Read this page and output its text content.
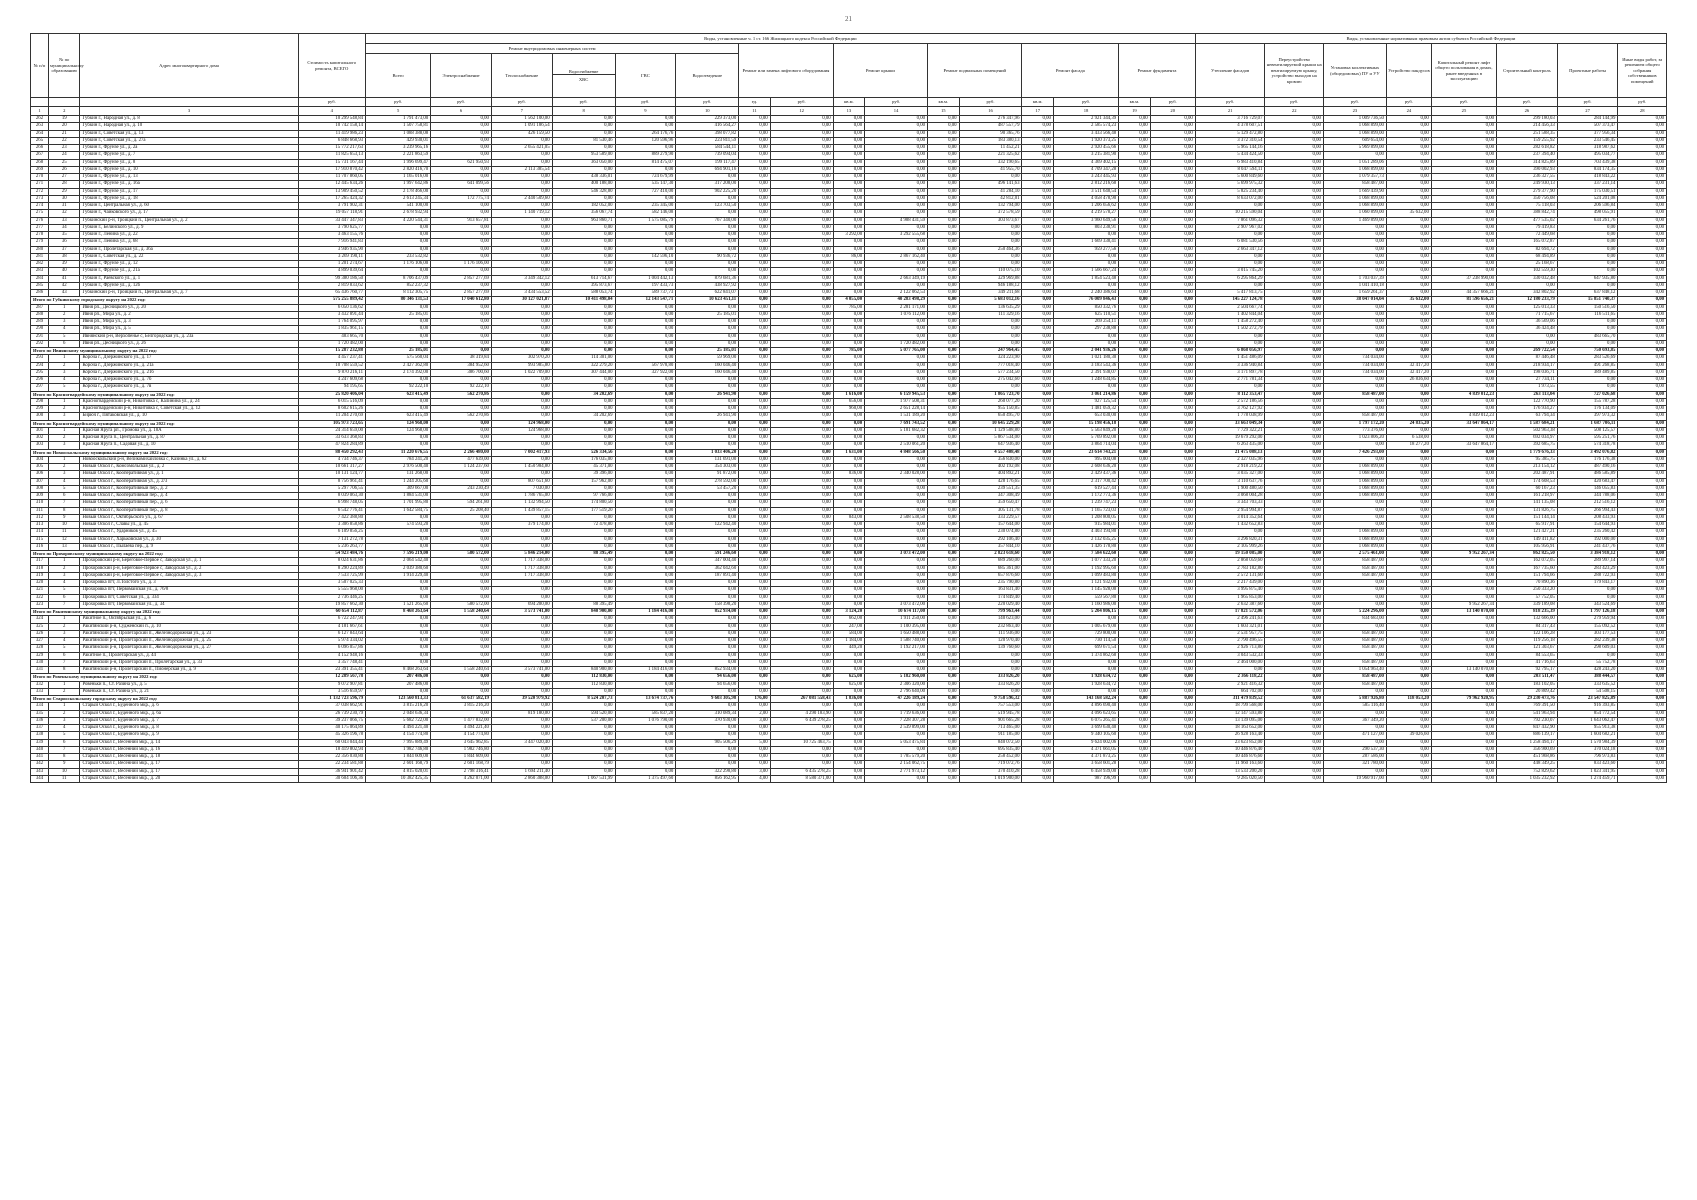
21
№ п/п	№ по муниципальному образованию	Адрес многоквартирного дома	Стоимость капитального ремонта, ВСЕГО	Виды, установленные ч. 1 ст. 166 Жилищного кодекса Российской Федерации																Виды, установленные нормативным правовым актом субъекта Российской Федерации							
				Ремонт внутридомовых инженерных систем						Ремонт или замена лифтового оборудования		Ремонт крыши		Ремонт подвальных помещений		Ремонт фасада		Ремонт фундамента		Утепление фасадов	Переустройство невентилируемой крыши на вентилируемую крышу, устройство выходов на кровлю	Установка коллективных (общедомовых) ПУ и УУ	Устройство пандусов	Капитальный ремонт лифт общего пользования в домах, ранее введенных в эксплуатацию	Строительный контроль	Проектные работы	Иные виды работ, за решением общего собрания собственников помещений
				Всего	Электроснабжение	Теплоснабжение	Водоснабжение
ХВС	ГВС	Водоотведение																		
			руб.	руб.	руб.	руб.	руб.	руб.	руб.	ед.	руб.	кв.м.	руб.	кв.м.	руб.	кв.м.	руб.	кв.м.	руб.	руб.	руб.	руб.	руб.	руб.	руб.	руб.	руб.
1	2	3	4	5	6	7	8	9	10	11	12	13	14	15	16	17	18	19	20	21	22	23	24	25	26	27	28
262	19	Губкин г., Народная ул., д. 8	10 299 548,84	1 791 473,00	0,00	1 562 100,00	0,00	0,00	229 373,00	0,00	0,00	0,00	0,00	0,00	276 347,96	0,00	2 921 344,39	0,00	0,00	3 716 729,07	0,00	1 009 736,50	0,00	0,00	299 180,03	284 144,99	0,00
263	20	Губкин г., Народная ул., д. 10	10 742 158,14	1 507 758,81	0,00	1 091 186,54	0,00	0,00	416 564,27	0,00	0,00	0,00	0,00	0,00	487 557,79	0,00	2 585 574,23	0,00	0,00	4 378 607,51	0,00	1 068 899,00	0,00	0,00	214 456,33	507 373,47	0,00
264	21	Губкин г., Советская ул., д. 13	11 419 986,23	1 088 388,08	0,00	426 159,50	0,00	264 176,76	398 077,82	0,00	0,00	0,00	0,00	0,00	90 365,76	0,00	3 433 566,48	0,00	0,00	5 129 472,80	0,00	1 068 899,00	0,00	0,00	251 588,35	377 956,34	0,00
265	22	Губкин г., Советская ул., д. 27а	6 848 668,93	429 930,01	0,00	0,00	81 530,46	120 596,96	223 811,59	0,00	0,00	0,00	0,00	0,00	183 380,13	0,00	1 920 373,25	0,00	0,00	3 372 310,54	0,00	609 654,00	0,00	0,00	159 255,92	233 546,45	0,00
266	23	Губкин г., Фрунзе ул., д. 2а	15 772 217,63	3 239 965,16	0,00	2 655 421,05	0,00	0,00	584 544,11	0,00	0,00	0,00	0,00	0,00	11 452,21	0,00	2 920 455,66	0,00	0,00	5 965 144,16	0,00	5 969 899,00	0,00	0,00	282 618,82	318 987,62	0,00
267	24	Губкин г., Фрунзе ул., д. 7	11 825 653,13	2 221 863,59	0,00	0,00	953 589,00	889 279,90	739 094,04	0,00	0,00	0,00	0,00	0,00	221 325,62	0,00	3 215 381,90	0,00	0,00	5 434 424,50	0,00	0,00	0,00	0,00	237 394,40	495 034,77	0,00
268	25	Губкин г., Фрунзе ул., д. 8	15 731 167,44	1 996 699,47	621 950,93	0,00	363 050,00	814 475,07	199 117,47	0,00	0,00	0,00	0,00	0,00	332 190,65	0,00	4 369 402,15	0,00	0,00	6 983 410,84	0,00	1 051 289,06	0,00	0,00	314 825,89	703 439,38	0,00
269	26	Губкин г., Фрунзе ул., д. 10	17 910 870,42	2 820 416,70	0,00	2 113 385,54	0,00	0,00	694 901,16	0,00	0,00	0,00	0,00	0,00	41 955,70	0,00	4 709 347,28	0,00	0,00	8 047 594,11	0,00	1 068 899,00	0,00	0,00	390 002,93	834 174,35	0,00
270	27	Губкин г., Фрунзе ул., д. 13	11 707 860,05	1 165 016,00	0,00	0,00	438 336,01	724 679,99	0,00	0,00	0,00	0,00	0,00	0,00	0,00	0,00	3 243 445,93	0,00	0,00	5 600 849,60	0,00	1 079 357,73	0,00	0,00	236 327,55	418 843,22	0,00
271	28	Губкин г., Фрунзе ул., д. 16а	12 445 634,26	1 997 642,86	641 099,56	0,00	400 188,00	535 147,30	317 208,00	0,00	0,00	0,00	0,00	0,00	496 141,63	0,00	2 812 216,68	0,00	0,00	5 699 975,32	0,00	858 487,00	0,00	0,00	249 930,13	337 231,14	0,00
272	29	Губкин г., Фрунзе ул., д. 17	13 909 450,52	2 178 466,00	0,00	0,00	546 328,80	727 410,00	902 225,20	0,00	0,00	0,00	0,00	0,00	41 284,10	0,00	3 511 648,54	0,00	0,00	5 825 234,40	0,00	1 669 439,90	0,00	0,00	279 377,90	175 030,51	0,00
273	30	Губкин г., Фрунзе ул., д. 18	17 265 424,32	2 613 245,34	172 775,74	2 440 509,60	0,00	0,00	0,00	0,00	0,00	0,00	0,00	0,00	42 812,01	0,00	4 058 478,90	0,00	0,00	8 633 072,00	0,00	1 068 899,00	0,00	0,00	350 756,08	524 201,08	0,00
274	31	Губкин г., Центральная ул., д. 60	3 791 902,31	541 100,00	0,00	0,00	182 052,00	235 345,00	123 703,50	0,00	0,00	0,00	0,00	0,00	132 794,00	0,00	1 206 656,62	0,00	0,00	0,00	0,00	1 068 899,00	0,00	0,00	75 118,03	206 596,84	0,00
275	32	Губкин г., Чайковского ул., д. 17	19 057 118,91	2 678 932,94	0,00	1 140 719,12	356 067,74	582 146,08	0,00	0,00	0,00	0,00	0,00	0,00	372 578,59	0,00	4 219 578,27	0,00	0,00	10 215 590,04	0,00	1 060 899,00	35 632,00	0,00	388 842,74	498 055,91	0,00
276	33	Губкинский р-н, Троицкий п., Центральная ул., д. 2	33 447 347,83	4 220 544,31	913 657,81	0,00	963 860,71	1 575 085,79	767 340,00	0,00	0,00	0,00	4 988 431,59	0,00	303 873,67	0,00	3 960 649,56	0,00	0,00	7 861 096,32	0,00	1 469 899,00	0,00	0,00	477 535,02	634 261,76	0,00
277	34	Губкин г., Белинского ул., д. 9	3 790 625,77	0,00	0,00	0,00	0,00	0,00	0,00	0,00	0,00	0,00	0,00	0,00	0,00	0,00	803 238,91	0,00	0,00	2 907 967,02	0,00	0,00	0,00	0,00	79 419,83	0,00	0,00
278	35	Губкин г., Ленина ул., д. 22	3 463 155,76	0,00	0,00	0,00	0,00	0,00	0,00	0,00	0,00	3 292,00	3 292 555,68	0,00	0,00	0,00	0,00	0,00	0,00	0,00	0,00	0,00	0,00	0,00	72 449,68	0,00	0,00
279	36	Губкин г., Ленина ул., д. 68	7 916 941,83	0,00	0,00	0,00	0,00	0,00	0,00	0,00	0,00	0,00	0,00	0,00	0,00	0,00	1 669 338,41	0,00	0,00	6 081 530,56	0,00	0,00	0,00	0,00	165 072,87	0,00	0,00
280	37	Губкин г., Пролетарская ул., д. 36а	3 946 935,90	0,00	0,00	0,00	0,00	0,00	0,00	0,00	0,00	0,00	0,00	0,00	250 464,36	0,00	959 277,56	0,00	0,00	2 663 347,12	0,00	0,00	0,00	0,00	82 694,72	0,00	0,00
281	38	Губкин г., Советская ул., д. 22	3 269 190,11	233 532,82	0,00	0,00	0,00	142 596,10	90 936,72	0,00	0,00	86,00	2 867 162,40	0,00	0,00	0,00	0,00	0,00	0,00	0,00	0,00	0,00	0,00	0,00	68 494,89	0,00	0,00
282	39	Губкин г., Фрунзе ул., д. 12	1 201 274,67	1 176 106,00	1 176 106,00	0,00	0,00	0,00	0,00	0,00	0,00	0,00	0,00	0,00	0,00	0,00	0,00	0,00	0,00	0,00	0,00	0,00	0,00	0,00	25 168,67	0,00	0,00
283	40	Губкин г., Фрунзе ул., д. 21а	4 899 039,64	0,00	0,00	0,00	0,00	0,00	0,00	0,00	0,00	0,00	0,00	0,00	110 075,10	0,00	1 566 667,24	0,00	0,00	3 015 745,20	0,00	0,00	0,00	0,00	102 559,30	0,00	0,00
284	41	Губкин г., Раевского ул., д. 1	99 380 186,50	8 706 437,09	2 857 277,69	3 349 342,12	613 714,67	1 004 442,13	879 681,36	0,00	0,00	0,00	2 663 349,19	0,00	329 969,88	0,00	1 854 523,48	0,00	0,00	6 295 864,29	0,00	1 703 037,39	0,00	37 238 990,00	330 032,48	647 935,80	0,00
285	42	Губкин г., Фрунзе ул., д. 12б	2 819 833,62	852 237,32	0,00	0,00	395 873,67	197 433,73	438 927,92	0,00	0,00	0,00	0,00	0,00	946 188,12	0,00	0,00	0,00	0,00	0,00	0,00	1 041 410,18	0,00	0,00	0,00	0,00	0,00
286	43	Губкинский р-н, Троицкий п., Центральная ул., д. 7	65 436 760,77	8 112 305,75	2 857 277,69	3 434 553,52	588 053,74	589 737,73	622 841,07	0,00	0,00	0,00	2 122 062,53	0,00	349 211,68	0,00	2 240 386,64	0,00	0,00	5 417 813,75	0,00	1 659 261,37	0,00	44 357 666,21	342 802,92	637 848,12	0,00
Итого по Губкинскому городскому округу на 2022 год:			575 255 889,42	80 346 131,53	17 040 612,80	30 127 021,87	10 411 498,04	12 143 547,71	10 623 451,11	0,00	0,00	4 055,00	40 283 498,29	0,00	5 683 012,16	0,00	76 009 846,43	0,00	0,00	145 227 124,78	0,00	38 047 014,04	35 632,00	81 596 656,21	12 180 233,79	15 851 740,37	0,00
287	1	Ивня рп., Десницкого ул., д. 20	6 050 136,62	0,00	0,00	0,00	0,00	0,00	0,00	0,00	0,00	785,00	2 281 171,00	0,00	136 635,29	0,00	850 332,76	0,00	0,00	2 504 667,74	0,00	0,00	0,00	0,00	125 013,33	150 516,50	0,00
288	2	Ивня рп., Мира ул., д. 2	3 432 891,44	25 185,01	0,00	0,00	0,00	0,00	25 185,01	0,00	0,00	0,00	1 076 112,00	0,00	111 329,16	0,00	625 110,51	0,00	0,00	1 402 844,04	0,00	0,00	0,00	0,00	71 715,67	116 511,65	0,00
289	3	Ивня рп., Мира ул., д. 3	1 764 095,97	0,00	0,00	0,00	0,00	0,00	0,00	0,00	0,00	0,00	0,00	0,00	0,00	0,00	269 254,11	0,00	0,00	1 458 272,40	0,00	0,00	0,00	0,00	36 569,06	0,00	0,00
290	4	Ивня рп., Мира ул., д. 5	1 835 961,15	0,00	0,00	0,00	0,00	0,00	0,00	0,00	0,00	0,00	0,00	0,00	0,00	0,00	297 238,88	0,00	0,00	1 502 272,79	0,00	0,00	0,00	0,00	36 424,48	0,00	0,00
291	5	Ивнянский р-н, Верхопенье с, Белгородская ул., д. 23а	483 665,70	0,00	0,00	0,00	0,00	0,00	0,00	0,00	0,00	0,00	0,00	0,00	0,00	0,00	0,00	0,00	0,00	0,00	0,00	0,00	0,00	0,00	0,00	483 665,70	0,00
292	6	Ивня рп., Десницкого ул., д. 26	1 720 482,00	0,00	0,00	0,00	0,00	0,00	0,00	0,00	0,00	0,00	1 720 482,00	0,00	0,00	0,00	0,00	0,00	0,00	0,00	0,00	0,00	0,00	0,00	0,00	0,00	0,00
Итого по Ивнянскому муниципальному округу на 2022 год:			15 287 232,88	25 185,01	0,00	0,00	0,00	0,00	25 185,01	0,00	0,00	785,00	5 077 765,00	0,00	247 964,45	0,00	2 041 936,26	0,00	0,00	6 868 056,97	0,00	0,00	0,00	0,00	269 722,54	750 693,85	0,00
293	1	Короча г., Дзержинского ул., д. 17	4 457 237,41	575 560,04	38 319,84	302 970,20	114 301,00	0,00	59 969,00	0,00	0,00	0,00	0,00	0,00	324 223,90	0,00	1 021 180,30	0,00	0,00	1 451 486,09	0,00	734 034,00	0,00	0,00	87 446,48	283 526,69	0,00
294	2	Короча г., Дзержинского ул., д. 21а	10 708 559,52	2 427 362,80	384 952,60	993 985,80	322 279,20	567 978,80	160 046,40	0,00	0,00	0,00	0,00	0,00	777 018,40	0,00	3 183 543,36	0,00	0,00	3 336 940,84	0,00	734 034,00	32 417,20	0,00	218 934,17	491 268,85	0,00
295	3	Короча г., Дзержинского ул., д. 21б	9 870 216,11	2 174 392,00	386 700,60	1 022 709,00	307 444,00	327 922,00	160 046,40	0,00	0,00	0,00	0,00	0,00	577 234,50	0,00	2 391 938,07	0,00	0,00	3 171 897,78	0,00	734 034,00	32 417,20	0,00	198 036,71	389 489,85	0,00
296	4	Короча г., Дзержинского ул., д. 7б	4 247 609,68	0,00	0,00	0,00	0,00	0,00	0,00	0,00	0,00	0,00	0,00	0,00	275 042,60	0,00	1 248 634,85	0,00	0,00	2 771 781,34	0,00	0,00	26 836,60	0,00	27 734,11	0,00	0,00
297	5	Короча г., Дзержинского ул., д. 7в	94 195,65	92 222,10	92 222,10	0,00	0,00	0,00	0,00	0,00	0,00	0,00	0,00	0,00	0,00	0,00	0,00	0,00	0,00	0,00	0,00	0,00	0,00	0,00	1 973,55	0,00	0,00
Итого по Красногвардейскому муниципальному округу на 2022 год:			25 820 406,04	623 415,49	562 270,86	0,00	34 202,69	0,00	26 941,90	0,00	0,00	1 616,00	6 159 945,53	0,00	1 865 723,70	0,00	3 061 214,86	0,00	0,00	8 112 353,47	0,00	858 487,00	0,00	4 839 012,23	263 113,04	727 026,68	0,00
298	1	Красногвардейский р-н, Никитовка с, Калинина ул., д. 24	6 015 516,09	0,00	0,00	0,00	0,00	0,00	0,00	0,00	0,00	656,00	1 977 508,31	0,00	260 077,20	0,00	927 125,54	0,00	0,00	2 572 186,56	0,00	0,00	0,00	0,00	122 770,90	155 787,28	0,00
299	2	Красногвардейский р-н, Никитовка с, Советская ул., д. 12	8 602 615,26	0,00	0,00	0,00	0,00	0,00	0,00	0,00	0,00	960,00	2 651 228,14	0,00	955 150,85	0,00	1 481 059,32	0,00	0,00	3 762 127,92	0,00	0,00	0,00	0,00	176 934,27	176 134,09	0,00
300	3	Бирюч г., Пятаковская ул., д. 10	11 204 270,69	623 415,49	562 270,86	0,00	34 202,69	0,00	26 941,90	0,00	0,00	0,00	1 531 189,20	0,00	650 495,70	0,00	653 030,00	0,00	0,00	1 778 038,99	0,00	858 487,00	0,00	4 839 012,23	63 794,34	397 973,32	0,00
Итого по Красногвардейскому муниципальному округу на 2022 год:			105 973 723,65	124 968,00	0,00	124 968,00	0,00	0,00	0,00	0,00	0,00	0,00	7 691 743,52	0,00	10 645 229,28	0,00	15 198 456,18	0,00	0,00	33 663 049,34	0,00	1 797 172,20	24 835,20	33 647 864,17	1 587 684,21	1 687 706,11	0,00
301	1	Красная Яруга рп., Громова ул., д. 18А	24 314 659,00	124 968,00	0,00	124 968,00	0,00	0,00	0,00	0,00	0,00	0,00	5 181 682,32	0,00	1 129 508,80	0,00	5 563 849,20	0,00	0,00	7 729 322,21	0,00	773 376,00	0,00	0,00	502 963,38	508 125,57	0,00
302	2	Красная Яруга п., Центральная ул., д. 87	33 633 368,83	0,00	0,00	0,00	0,00	0,00	0,00	0,00	0,00	0,00	0,00	0,00	5 867 534,00	0,00	5 769 892,00	0,00	0,00	19 679 292,00	0,00	1 023 806,20	6 538,00	0,00	692 034,97	595 251,76	0,00
303	3	Красная Яруга п., Садовая ул., д. 10	47 824 284,89	0,00	0,00	0,00	0,00	0,00	0,00	0,00	0,00	0,00	2 510 061,20	0,00	647 936,40	0,00	3 864 714,04	0,00	0,00	6 263 435,00	0,00	0,00	18 277,20	33 647 864,17	392 685,75	574 318,78	0,00
Итого по Новооскольскому муниципальному округу на 2022 год:			88 450 292,43	11 220 676,55	2 266 480,00	7 002 417,93	526 334,56	0,00	1 033 406,20	0,00	0,00	1 631,00	4 848 566,50	0,00	4 557 408,48	0,00	23 614 743,21	0,00	0,00	21 475 088,13	0,00	7 426 293,00	0,00	0,00	1 779 676,33	3 492 076,82	0,00
304	1	Новооскольский р-н, Великомихайловка с, Казинка ул., д. 62	4 734 746,37	784 241,20	477 639,00	0,00	176 035,00	0,00	131 691,00	0,00	0,00	0,00	0,00	0,00	356 830,00	0,00	995 004,08	0,00	0,00	2 327 035,96	0,00	0,00	0,00	0,00	95 385,75	176 176,38	0,00
305	2	Новый Оскол г., Комсомольская ул., д. 2	10 661 317,27	2 976 500,40	1 124 237,60	1 450 984,80	45 371,00	0,00	354 303,00	0,00	0,00	0,00	0,00	0,00	402 192,08	0,00	2 608 636,20	0,00	0,00	2 918 219,22	0,00	1 068 899,00	0,00	0,00	213 154,12	487 490,16	0,00
306	3	Новый Оскол г., Кооперативная ул., д. 1	10 131 124,77	131 268,00	0,00	0,00	39 396,00	0,00	91 872,00	0,00	0,00	836,00	2 340 028,00	0,00	404 892,21	0,00	2 429 437,36	0,00	0,00	3 035 327,00	0,00	1 068 899,00	0,00	0,00	202 487,91	486 585,89	0,00
307	4	Новый Оскол г., Кооперативная ул., д. 2/3	8 756 961,41	1 244 205,60	0,00	807 651,60	157 962,00	0,00	278 592,00	0,00	0,00	0,00	0,00	0,00	428 176,65	0,00	2 317 700,42	0,00	0,00	3 110 637,76	0,00	1 068 899,00	0,00	0,00	174 608,53	420 683,47	0,00
308	5	Новый Оскол г., Кооперативный пер., д. 2	5 297 706,55	309 667,00	243 230,49	7 030,00	0,00	0,00	53 457,20	0,00	0,00	0,00	0,00	0,00	239 551,35	0,00	619 527,44	0,00	0,00	1 900 480,50	0,00	1 068 899,00	0,00	0,00	60 167,23	146 055,83	0,00
309	6	Новый Оскол г., Кооперативный пер., д. 4	8 039 063,30	1 884 531,00	0,00	1 786 765,00	97 766,00	0,00	0,00	0,00	0,00	0,00	0,00	0,00	347 308,49	0,00	1 172 773,36	0,00	0,00	3 068 004,28	0,00	1 068 899,00	0,00	0,00	161 218,97	344 788,06	0,00
310	7	Новый Оскол г., Кооперативный пер., д. 6	6 998 748,05	1 701 995,80	594 261,80	1 132 994,50	174 800,50	0,00	0,00	0,00	0,00	0,00	0,00	0,00	359 650,47	0,00	1 239 747,23	0,00	0,00	3 343 703,33	0,00	0,00	0,00	0,00	141 135,08	212 516,12	0,00
311	8	Новый Оскол г., Кооперативный пер., д. 8	6 542 776,41	1 642 584,75	25 208,40	1 439 857,15	177 519,20	0,00	0,00	0,00	0,00	0,00	0,00	0,00	305 131,78	0,00	1 165 723,03	0,00	0,00	2 954 994,87	0,00	0,00	0,00	0,00	131 826,75	266 994,43	0,00
312	9	Новый Оскол г., Октябрьского ул., д. 67	7 422 388,80	0,00	0,00	0,00	0,00	0,00	0,00	0,00	0,00	843,00	2 508 538,50	0,00	333 229,57	0,00	1 208 800,05	0,00	0,00	3 014 352,64	0,00	0,00	0,00	0,00	151 144,14	208 433,93	0,00
313	10	Новый Оскол г., Славы ул., д. 45	3 306 858,86	574 593,20	0,00	379 174,00	72 478,80	0,00	122 942,40	0,00	0,00	0,00	0,00	0,00	157 644,00	0,00	915 984,01	0,00	0,00	1 432 652,83	0,00	0,00	0,00	0,00	65 917,91	154 644,93	0,00
314	11	Новый Оскол г., Ударников ул., д. 45	6 109 856,25	0,00	0,00	0,00	0,00	0,00	0,00	0,00	0,00	0,00	0,00	0,00	230 074,80	0,00	4 403 194,80	0,00	0,00	0,00	0,00	1 068 899,00	0,00	0,00	121 427,21	235 260,42	0,00
315	12	Новый Оскол г., Харьковская ул., д. 30	7 131 272,78	0,00	0,00	0,00	0,00	0,00	0,00	0,00	0,00	0,00	0,00	0,00	292 106,40	0,00	2 132 035,25	0,00	0,00	3 296 820,31	0,00	1 068 899,00	0,00	0,00	149 411,82	192 000,00	0,00
316	13	Новый Оскол г., Пылаева пер., д. 9	5 236 263,77	0,00	0,00	0,00	0,00	0,00	0,00	0,00	0,00	0,00	0,00	0,00	357 844,10	0,00	1 426 178,80	0,00	0,00	2 105 999,26	0,00	1 068 899,00	0,00	0,00	105 956,91	241 437,76	0,00
Итого по Прохоровскому муниципальному округу на 2022 год:			54 923 484,76	7 596 219,00	580 572,00	5 846 214,00	88 395,49	0,00	591 246,60	0,00	0,00	0,00	3 073 472,00	0,00	2 823 618,60	0,00	7 584 622,60	0,00	0,00	19 150 085,00	0,00	2 575 461,00	0,00	9 952 267,34	862 825,50	3 384 918,12	0,00
317	1	Прохоровский р-н, Береговое-Первое с, Заводская ул., д. 1	8 024 631,86	2 064 542,40	0,00	1 717 338,00	0,00	0,00	347 004,40	0,00	0,00	0,00	0,00	0,00	689 260,00	0,00	1 077 333,20	0,00	0,00	2 868 059,60	0,00	858 487,00	0,00	0,00	162 072,05	289 997,14	0,00
318	2	Прохоровский р-н, Береговое-Первое с, Заводская ул., д. 2	8 290 224,89	2 039 380,60	0,00	1 717 338,00	0,00	0,00	362 042,60	0,00	0,00	0,00	0,00	0,00	685 361,00	0,00	1 192 995,60	0,00	0,00	2 783 182,80	0,00	858 487,00	0,00	0,00	167 735,60	283 423,29	0,00
319	3	Прохоровский р-н, Береговое-Первое с, Заводская ул., д. 3	7 533 725,99	1 914 229,40	0,00	1 717 338,00	0,00	0,00	187 891,40	0,00	0,00	0,00	0,00	0,00	657 876,60	0,00	1 099 483,80	0,00	0,00	2 572 131,60	0,00	858 487,00	0,00	0,00	151 794,66	288 722,93	0,00
320	4	Прохоровка пгт, Л.Толстого ул., д. 3	3 507 025,33	0,00	0,00	0,00	0,00	0,00	0,00	0,00	0,00	0,00	0,00	0,00	235 790,80	0,00	1 121 932,00	0,00	0,00	2 217 439,00	0,00	0,00	0,00	0,00	70 890,36	179 843,17	0,00
321	5	Прохоровка пгт, Первомайская ул., д. 76/8	5 555 968,00	0,00	0,00	0,00	0,00	0,00	0,00	0,00	0,00	0,00	0,00	0,00	163 831,40	0,00	1 145 928,00	0,00	0,00	3 995 875,40	0,00	0,00	0,00	0,00	250 333,20	0,00	0,00
322	6	Прохоровка пгт, Советская ул., д. 334	2 736 446,25	0,00	0,00	0,00	0,00	0,00	0,00	0,00	0,00	0,00	0,00	0,00	174 849,40	0,00	559 567,80	0,00	0,00	1 965 853,00	0,00	0,00	0,00	0,00	57 752,05	0,00	0,00
323	7	Прохоровка пгт, Первомайская ул., д. 34	19 857 662,30	1 521 265,60	580 572,00	694 200,00	88 395,49	0,00	158 398,20	0,00	0,00	0,00	3 073 472,00	0,00	220 029,40	0,00	1 160 986,00	0,00	0,00	2 632 387,60	0,00	0,00	0,00	9 952 267,34	339 189,08	343 524,69	0,00
Итого по Ракитянскому муниципальному округу на 2022 год:			60 654 112,87	8 468 263,64	1 558 240,64	3 573 741,00	840 900,00	1 184 416,00	852 934,00	0,00	0,00	3 124,20	10 674 117,00	0,00	799 963,44	0,00	5 204 806,15	0,00	0,00	17 821 572,06	0,00	5 224 296,00	0,00	13 140 070,00	818 235,39	1 797 126,18	0,00
324	1	Ракитное п., Октябрьская ул., д. 6	6 722 247,94	0,00	0,00	0,00	0,00	0,00	0,00	0,00	0,00	662,00	1 911 250,00	0,00	140 623,00	0,00	0,00	0,00	0,00	2 496 241,63	0,00	834 683,00	0,00	0,00	132 666,00	279 959,94	0,00
325	2	Ракитянский р-н, Судженский п., д. 10	4 181 667,61	0,00	0,00	0,00	0,00	0,00	0,00	0,00	0,00	247,00	1 100 395,00	0,00	232 863,40	0,00	1 005 679,00	0,00	0,00	1 603 321,01	0,00	0,00	0,00	0,00	84 317,43	155 092,52	0,00
326	3	Ракитянский р-н, Пролетарский п., Железнодорожная ул., д. 23	6 127 843,64	0,00	0,00	0,00	0,00	0,00	0,00	0,00	0,00	584,00	1 650 488,00	0,00	111 936,00	0,00	729 800,00	0,00	0,00	2 531 957,75	0,00	858 487,00	0,00	0,00	122 106,28	303 177,53	0,00
327	4	Ракитянский р-н, Пролетарский п., Железнодорожная ул., д. 25	5 974 334,02	0,00	0,00	0,00	0,00	0,00	0,00	0,00	0,00	1 184,00	1 588 740,00	0,00	120 970,40	0,00	730 114,50	0,00	0,00	2 790 496,55	0,00	858 487,00	0,00	0,00	119 256,18	282 239,38	0,00
328	5	Ракитянский р-н, Пролетарский п., Железнодорожная ул., д. 27	6 096 057,86	0,00	0,00	0,00	0,00	0,00	0,00	0,00	0,00	449,20	1 192 217,00	0,00	139 760,60	0,00	699 671,54	0,00	0,00	2 926 713,80	0,00	858 487,00	0,00	0,00	121 303,67	298 609,03	0,00
329	6	Ракитное п., Пролетарская ул., д. 44	4 152 948,16	0,00	0,00	0,00	0,00	0,00	0,00	0,00	0,00	0,00	0,00	0,00	0,00	0,00	1 374 862,68	0,00	0,00	3 043 532,33	0,00	0,00	0,00	0,00	84 553,65	0,00	0,00
330	7	Ракитянский р-н, Пролетарский п., Пролетарская ул., д. 33	3 357 748,41	0,00	0,00	0,00	0,00	0,00	0,00	0,00	0,00	0,00	0,00	0,00	0,00	0,00	0,00	0,00	0,00	2 464 000,00	0,00	858 487,00	0,00	0,00	41 716,63	55 752,78	0,00
331	8	Ракитянский р-н, Пролетарский п., Пионерская ул., д. 9	23 391 355,41	8 468 263,64	1 558 240,64	3 573 741,00	840 900,00	1 184 416,00	852 934,00	0,00	0,00	0,00	0,00	0,00	0,00	0,00	0,00	0,00	0,00	0,00	0,00	1 054 963,40	0,00	13 140 070,00	92 795,17	428 243,20	0,00
Итого по Ровеньскому муниципальному округу на 2022 год:			12 289 567,78	207 486,00	0,00	0,00	112 830,00	0,00	94 656,00	0,00	0,00	625,00	5 182 960,00	0,00	333 826,20	0,00	1 928 634,72	0,00	0,00	2 366 118,22	0,00	858 487,00	0,00	0,00	203 511,47	388 444,57	0,00
332	1	Ровеньки п., Ст. Разина ул., д. 5	9 072 907,81	207 486,00	0,00	0,00	112 830,00	0,00	94 656,00	0,00	0,00	625,00	2 306 320,00	0,00	333 826,20	0,00	1 928 634,72	0,00	0,00	2 921 416,32	0,00	858 487,00	0,00	0,00	183 102,05	333 635,52	0,00
333	2	Ровеньки п., Ст. Разина ул., д. 21	3 516 659,97	0,00	0,00	0,00	0,00	0,00	0,00	0,00	0,00	0,00	2 796 640,00	0,00	0,00	0,00	0,00	0,00	0,00	664 702,00	0,00	0,00	0,00	0,00	20 809,42	54 508,15	0,00
Итого по Старооскольскому городскому округу на 2022 год:			1 132 723 596,79	123 560 813,33	61 637 582,19	39 520 979,92	8 524 207,73	13 674 737,76	9 603 305,98	176,00	267 081 558,43	1 836,00	47 226 189,24	0,00	9 758 596,32	0,00	143 168 582,24	0,00	0,00	311 479 839,52	0,00	5 887 926,80	118 053,20	79 962 920,95	29 230 473,76	23 547 825,89	0,00
334	1	Старый Оскол г., Буденного мкр., д. 6	37 038 662,91	3 815 216,20	3 815 216,20	0,00	0,00	0,00	0,00	0,00	0,00	0,00	0,00	0,00	757 553,00	0,00	4 896 690,40	0,00	0,00	18 799 568,00	0,00	585 116,40	0,00	0,00	769 391,50	916 393,85	0,00
335	2	Старый Оскол г., Буденного мкр., д. 6а	26 739 230,79	2 048 636,34	0,00	819 180,00	594 520,00	585 837,20	310 089,34	2,00	4 290 183,90	0,00	1 719 636,00	0,00	519 945,78	0,00	4 096 623,65	0,00	0,00	12 147 593,80	0,00	0,00	0,00	0,00	541 963,94	854 772,54	0,00
336	3	Старый Оскол г., Буденного мкр., д. 7	39 237 066,75	5 682 722,00	1 477 832,00	0,00	537 200,00	1 076 790,00	370 930,00	3,00	6 439 278,25	0,00	7 228 307,28	0,00	901 665,28	0,00	6 075 265,41	0,00	0,00	13 139 095,00	0,00	367 349,20	0,00	0,00	792 230,07	1 643 062,47	0,00
337	4	Старый Оскол г., Буденного мкр., д. 8	40 175 064,89	4 494 221,40	4 494 221,40	0,00	0,00	0,00	0,00	0,00	0,00	0,00	2 539 899,00	0,00	713 465,00	0,00	3 699 630,40	0,00	0,00	18 163 652,00	0,00	0,00	0,00	0,00	847 432,90	955 913,38	0,00
338	5	Старый Оскол г., Буденного мкр., д. 9	45 326 196,78	4 154 774,80	4 154 774,80	0,00	0,00	0,00	0,00	0,00	0,00	0,00	0,00	0,00	911 185,00	0,00	9 340 105,60	0,00	0,00	26 928 163,40	0,00	471 127,00	39 026,60	0,00	886 139,17	1 604 682,21	0,00
339	6	Старый Оскол г., Весенний мкр., д. 14	60 043 044,44	7 995 889,49	3 645 962,85	3 447 020,40	0,00	0,00	905 506,29	5,00	10 725 463,75	0,00	5 053 475,84	0,00	840 072,50	0,00	9 624 002,06	0,00	0,00	23 623 852,00	0,00	0,00	0,00	0,00	1 258 494,17	1 570 984,39	0,00
340	7	Старый Оскол г., Весенний мкр., д. 16	18 419 802,94	1 982 746,80	1 982 746,80	0,00	0,00	0,00	0,00	0,00	0,00	0,00	0,00	0,00	695 835,40	0,00	4 371 661,05	0,00	0,00	10 446 876,40	0,00	290 537,30	0,00	0,00	356 900,69	370 024,18	0,00
341	8	Старый Оскол г., Весенний мкр., д. 18	22 356 030,80	1 844 609,00	1 844 609,00	0,00	0,00	0,00	0,00	0,00	0,00	0,00	1 785 579,20	0,00	258 452,00	0,00	4 371 873,25	0,00	0,00	10 446 876,60	0,00	287 586,00	0,00	0,00	451 968,86	796 973,83	0,00
342	9	Старый Оскол г., Весенний мкр., д. 17	22 234 581,88	2 601 168,79	2 601 168,79	0,00	0,00	0,00	0,00	0,00	0,00	0,00	2 154 062,75	0,00	719 072,76	0,00	3 658 601,28	0,00	0,00	11 960 163,60	0,00	321 780,00	0,00	0,00	448 349,25	833 423,60	0,00
343	10	Старый Оскол г., Весенний мкр., д. 17	36 941 901,42	4 815 020,01	2 798 316,41	1 694 211,40	0,00	0,00	322 298,80	3,00	6 435 278,25	0,00	2 771 973,12	0,00	370 410,28	0,00	6 458 939,00	0,00	0,00	13 533 200,20	0,00	0,00	0,00	0,00	752 829,62	1 023 341,95	0,00
344	11	Старый Оскол г., Весенний мкр., д. 20	30 604 106,36	10 382 425,35	4 262 071,00	2 860 388,00	1 067 531,99	1 375 497,60	856 162,95	4,00	8 580 371,00	0,00	0,00	0,00	1 019 900,00	0,00	987 196,99	0,00	0,00	9 285 020,50	0,00	19 960 917,00	0,00	0,00	1 035 232,92	1 274 459,71	0,00
